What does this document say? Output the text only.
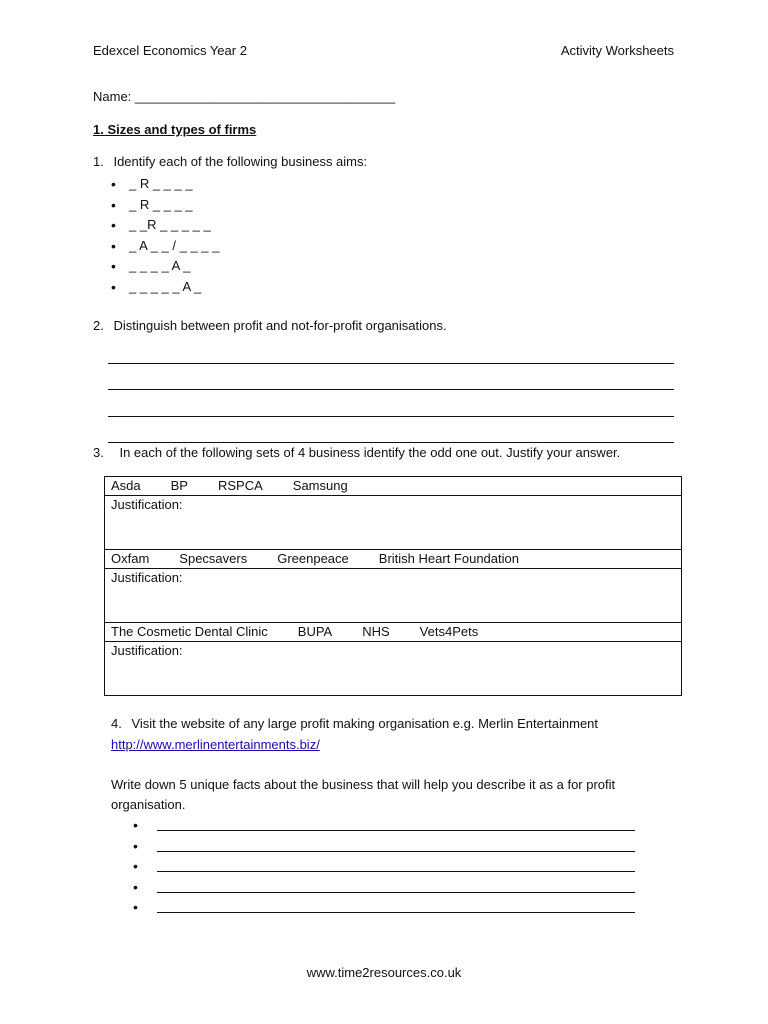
Edexcel Economics Year 2	Activity Worksheets
Name: ____________________________________
1. Sizes and types of firms
1. Identify each of the following business aims:
• _ R _ _ _ _
• _ R _ _ _ _
• _ _R _ _ _ _ _
• _ A _ _ / _ _ _ _
• _ _ _ _ A _
• _ _ _ _ _ A _
2. Distinguish between profit and not-for-profit organisations.
3. In each of the following sets of 4 business identify the odd one out. Justify your answer.
Asda BP RSPCA Samsung
Justification:
Oxfam Specsavers Greenpeace British Heart Foundation
Justification:
The Cosmetic Dental Clinic BUPA NHS Vets4Pets
Justification:
4. Visit the website of any large profit making organisation e.g. Merlin Entertainment
http://www.merlinentertainments.biz/
Write down 5 unique facts about the business that will help you describe it as a for profit
organisation.
•
•
•
•
•
www.time2resources.co.uk
